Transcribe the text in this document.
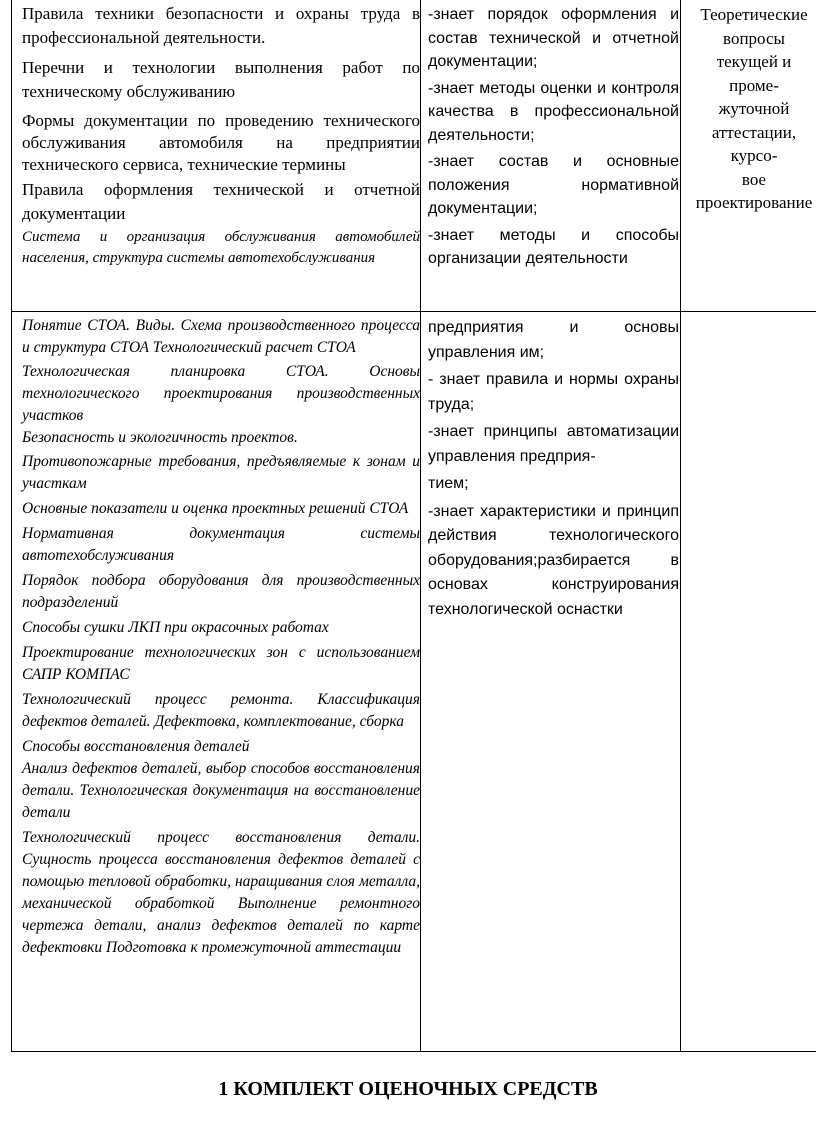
Правила техники безопасности и охраны труда в профессиональной деятельности.

Перечни и технологии выполнения работ по техническому обслуживанию

Формы документации по проведению технического обслуживания автомобиля на предприятии технического сервиса, технические термины

Правила оформления технической и отчетной документации

Система и организация обслуживания автомобилей населения, структура системы автотехобслуживания

-знает порядок оформления и состав технической и отчетной документации;

-знает методы оценки и контроля качества в профессиональной деятельности;

-знает состав и основные положения нормативной документации;

-знает методы и способы организации деятельности

Теоретические

вопросы

текущей и

проме-

жуточной

аттестации,

курсо-

вое

проектирование

Понятие СТОА. Виды. Схема производственного процесса и структура СТОА Технологический расчет СТОА

Технологическая планировка СТОА. Основы технологического проектирования производственных участков

Безопасность и экологичность проектов.

Противопожарные требования, предъявляемые к зонам и участкам

Основные показатели и оценка проектных решений СТОА

Нормативная документация системы автотехобслуживания

Порядок подбора оборудования для производственных подразделений

Способы сушки ЛКП при окрасочных работах

Проектирование технологических зон с использованием САПР КОМПАС

Технологический процесс ремонта. Классификация дефектов деталей. Дефектовка, комплектование, сборка

Способы восстановления деталей

Анализ дефектов деталей, выбор способов восстановления детали. Технологическая документация на восстановление детали

Технологический процесс восстановления детали. Сущность процесса восстановления дефектов деталей с помощью тепловой обработки, наращивания слоя металла, механической обработкой Выполнение ремонтного чертежа детали, анализ дефектов деталей по карте дефектовки Подготовка к промежуточной аттестации

предприятия и основы управления им;

- знает правила и нормы охраны труда;

-знает принципы автоматизации управления предприя-

тием;

-знает характеристики и принцип действия технологического оборудования;разбирается в основах конструирования технологической оснастки

1 КОМПЛЕКТ ОЦЕНОЧНЫХ СРЕДСТВ
